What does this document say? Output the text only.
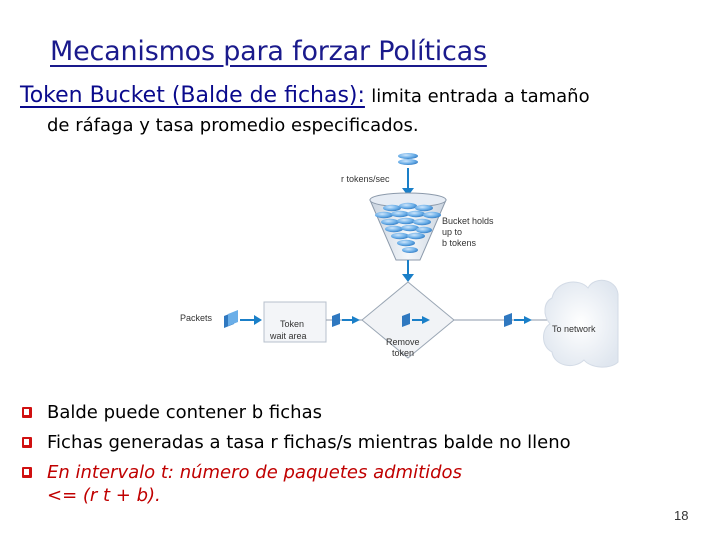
Mecanismos para forzar Políticas
Token Bucket (Balde de fichas): limita entrada a tamaño
de ráfaga y tasa promedio especificados.
r tokens/sec
Bucket holds
up to
b tokens
Remove
token
Token
wait area
Packets
To network
Balde puede contener b fichas
Fichas generadas a tasa r fichas/s mientras balde no lleno
En intervalo t: número de paquetes admitidos
<= (r t + b).
18
